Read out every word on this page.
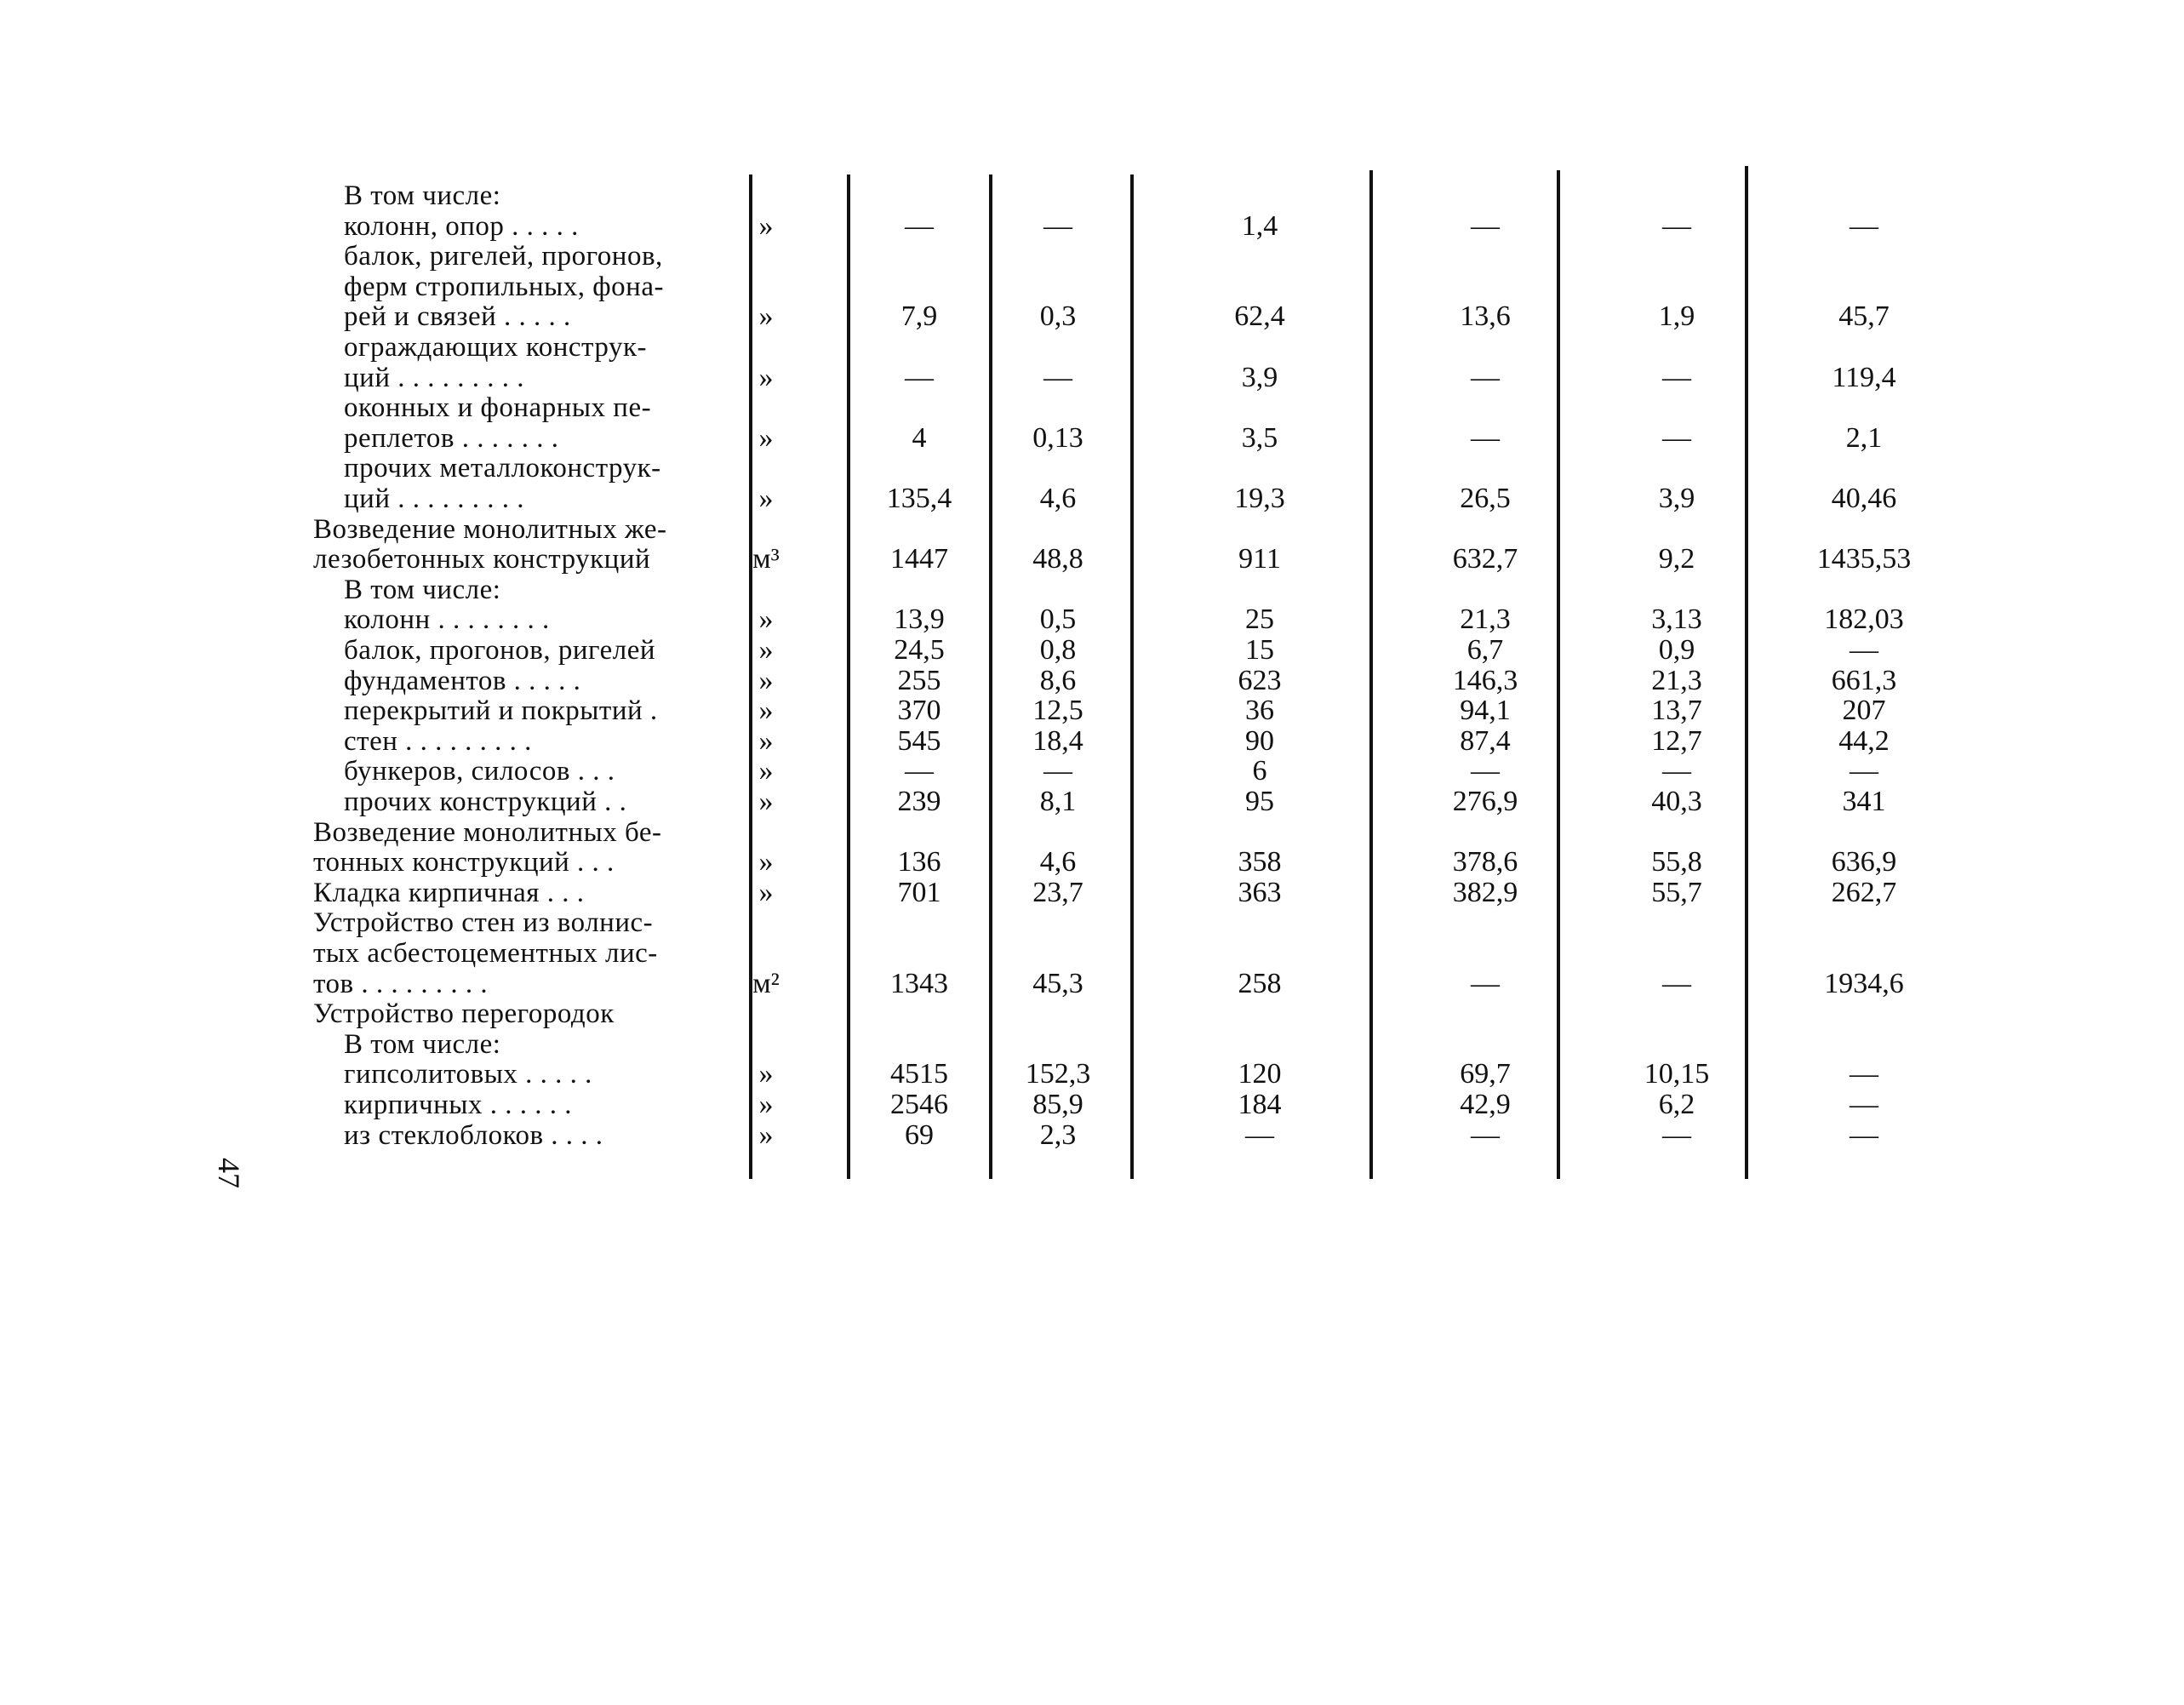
В том числе:
колонн, опор . . . . .	»	—	—	1,4	—	—	—
балок, ригелей, прогонов,
ферм стропильных, фона-
рей и связей . . . . .	»	7,9	0,3	62,4	13,6	1,9	45,7
ограждающих конструк-
ций . . . . . . . . .	»	—	—	3,9	—	—	119,4
оконных и фонарных пе-
реплетов . . . . . . .	»	4	0,13	3,5	—	—	2,1
прочих металлоконструк-
ций . . . . . . . . .	»	135,4	4,6	19,3	26,5	3,9	40,46
Возведение монолитных же-
лезобетонных конструкций	м³	1447	48,8	911	632,7	9,2	1435,53
В том числе:
колонн . . . . . . . .	»	13,9	0,5	25	21,3	3,13	182,03
балок, прогонов, ригелей	»	24,5	0,8	15	6,7	0,9	—
фундаментов . . . . .	»	255	8,6	623	146,3	21,3	661,3
перекрытий и покрытий .	»	370	12,5	36	94,1	13,7	207
стен . . . . . . . . .	»	545	18,4	90	87,4	12,7	44,2
бункеров, силосов . . .	»	—	—	6	—	—	—
прочих конструкций . .	»	239	8,1	95	276,9	40,3	341
Возведение монолитных бе-
тонных конструкций . . .	»	136	4,6	358	378,6	55,8	636,9
Кладка кирпичная . . .	»	701	23,7	363	382,9	55,7	262,7
Устройство стен из волнис-
тых асбестоцементных лис-
тов . . . . . . . . .	м²	1343	45,3	258	—	—	1934,6
Устройство перегородок
В том числе:
гипсолитовых . . . . .	»	4515	152,3	120	69,7	10,15	—
кирпичных . . . . . .	»	2546	85,9	184	42,9	6,2	—
из стеклоблоков . . . .	»	69	2,3	—	—	—	—
47
